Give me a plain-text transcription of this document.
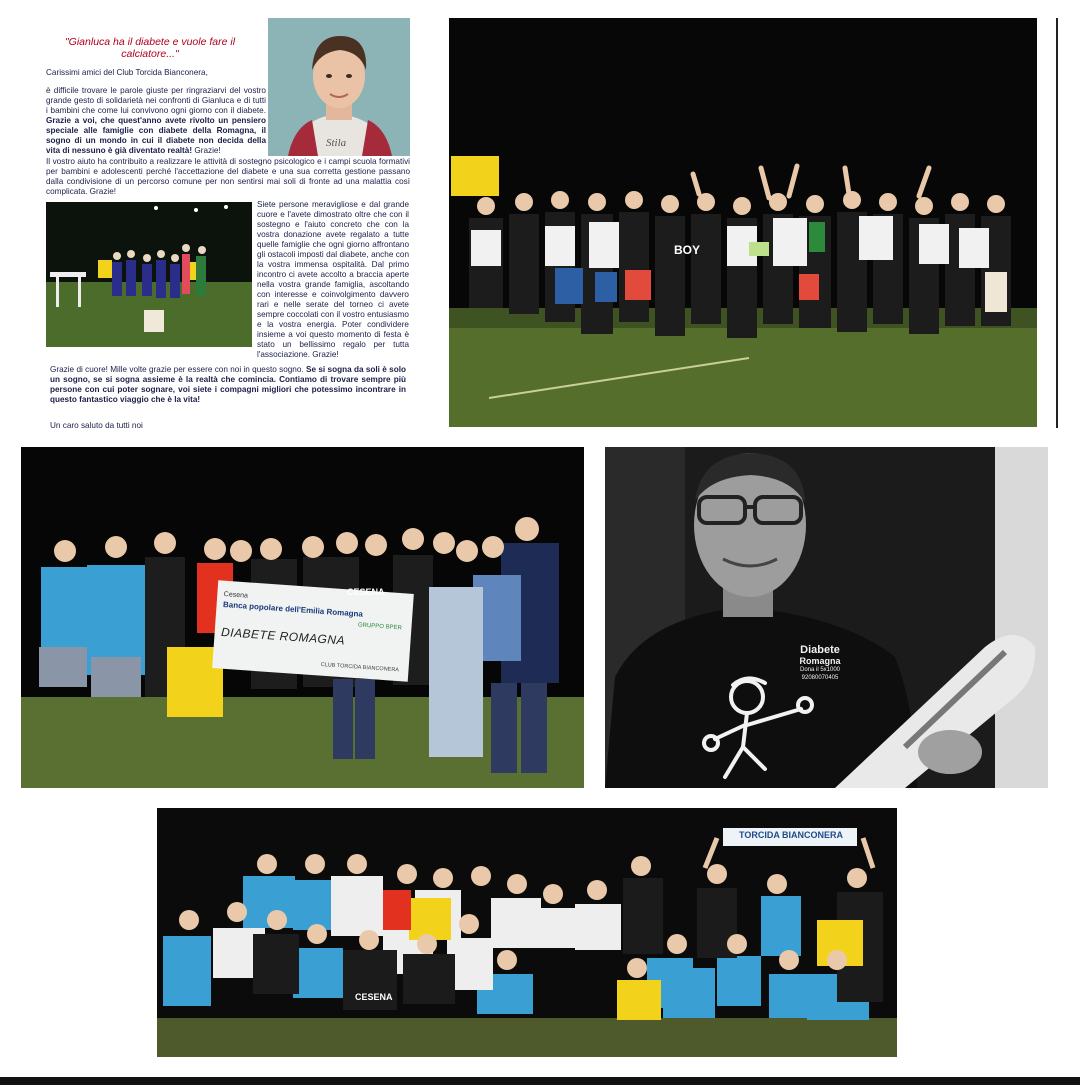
"Gianluca ha il diabete e vuole fare il calciatore..."
Stila
Carissimi amici del Club Torcida Bianconera,
è difficile trovare le parole giuste per ringraziarvi del vostro grande gesto di solidarietà nei confronti di Gianluca e di tutti i bambini che come lui convivono ogni giorno con il diabete. Grazie a voi, che quest'anno avete rivolto un pensiero speciale alle famiglie con diabete della Romagna, il sogno di un mondo in cui il diabete non decida della vita di nessuno è già diventato realtà! Grazie!
Il vostro aiuto ha contribuito a realizzare le attività di sostegno psicologico e i campi scuola formativi per bambini e adolescenti perché l'accettazione del diabete e una sua corretta gestione passano dalla condivisione di un percorso comune per non sentirsi mai soli di fronte ad una malattia così complicata. Grazie!
Siete persone meravigliose e dal grande cuore e l'avete dimostrato oltre che con il sostegno e l'aiuto concreto che con la vostra donazione avete regalato a tutte quelle famiglie che ogni giorno affrontano gli ostacoli imposti dal diabete, anche con la vostra immensa ospitalità. Dal primo incontro ci avete accolto a braccia aperte nella vostra grande famiglia, ascoltando con interesse e coinvolgimento davvero rari e nelle serate del torneo ci avete sempre coccolati con il vostro entusiasmo e la vostra energia. Poter condividere insieme a voi questo momento di festa è stato un bellissimo regalo per tutta l'associazione. Grazie!
Grazie di cuore! Mille volte grazie per essere con noi in questo sogno. Se si sogna da soli è solo un sogno, se si sogna assieme è la realtà che comincia. Contiamo di trovare sempre più persone con cui poter sognare, voi siete i compagni migliori che potessimo incontrare in questo fantastico viaggio che è la vita!
Un caro saluto da tutti noi
BOY
Cesena
Banca popolare dell'Emilia Romagna
GRUPPO BPER
DIABETE ROMAGNA
CLUB TORCIDA BIANCONERA
CESENA
Diabete
Romagna
Dona il 5x1000
92080070405
TORCIDA BIANCONERA
CESENA
